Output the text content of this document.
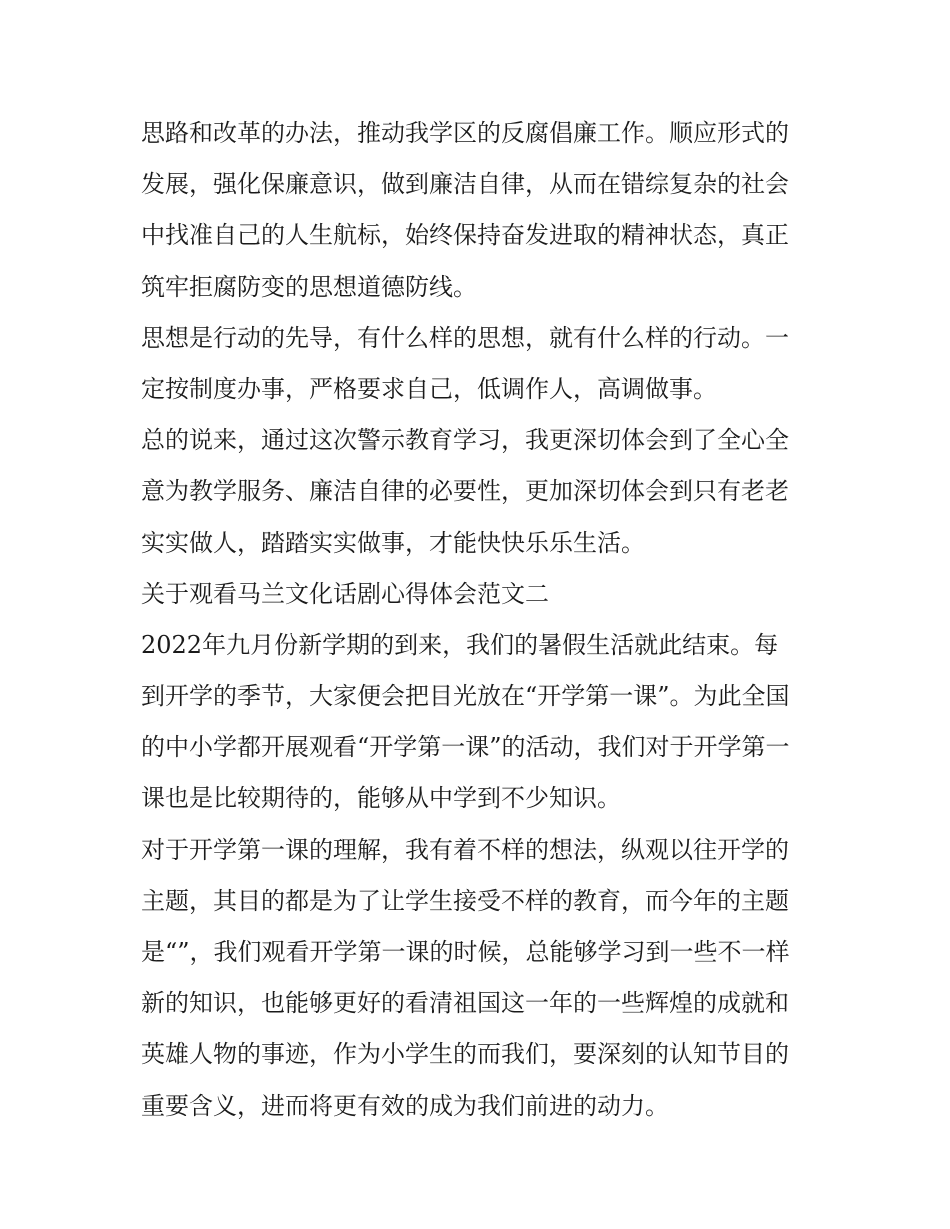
思路和改革的办法，推动我学区的反腐倡廉工作。顺应形式的
发展，强化保廉意识，做到廉洁自律，从而在错综复杂的社会
中找准自己的人生航标，始终保持奋发进取的精神状态，真正
筑牢拒腐防变的思想道德防线。
思想是行动的先导，有什么样的思想，就有什么样的行动。一
定按制度办事，严格要求自己，低调作人，高调做事。
总的说来，通过这次警示教育学习，我更深切体会到了全心全
意为教学服务、廉洁自律的必要性，更加深切体会到只有老老
实实做人，踏踏实实做事，才能快快乐乐生活。
关于观看马兰文化话剧心得体会范文二
2022年九月份新学期的到来，我们的暑假生活就此结束。每
到开学的季节，大家便会把目光放在“开学第一课”。为此全国
的中小学都开展观看“开学第一课”的活动，我们对于开学第一
课也是比较期待的，能够从中学到不少知识。
对于开学第一课的理解，我有着不样的想法，纵观以往开学的
主题，其目的都是为了让学生接受不样的教育，而今年的主题
是“”，我们观看开学第一课的时候，总能够学习到一些不一样
新的知识，也能够更好的看清祖国这一年的一些辉煌的成就和
英雄人物的事迹，作为小学生的而我们，要深刻的认知节目的
重要含义，进而将更有效的成为我们前进的动力。
